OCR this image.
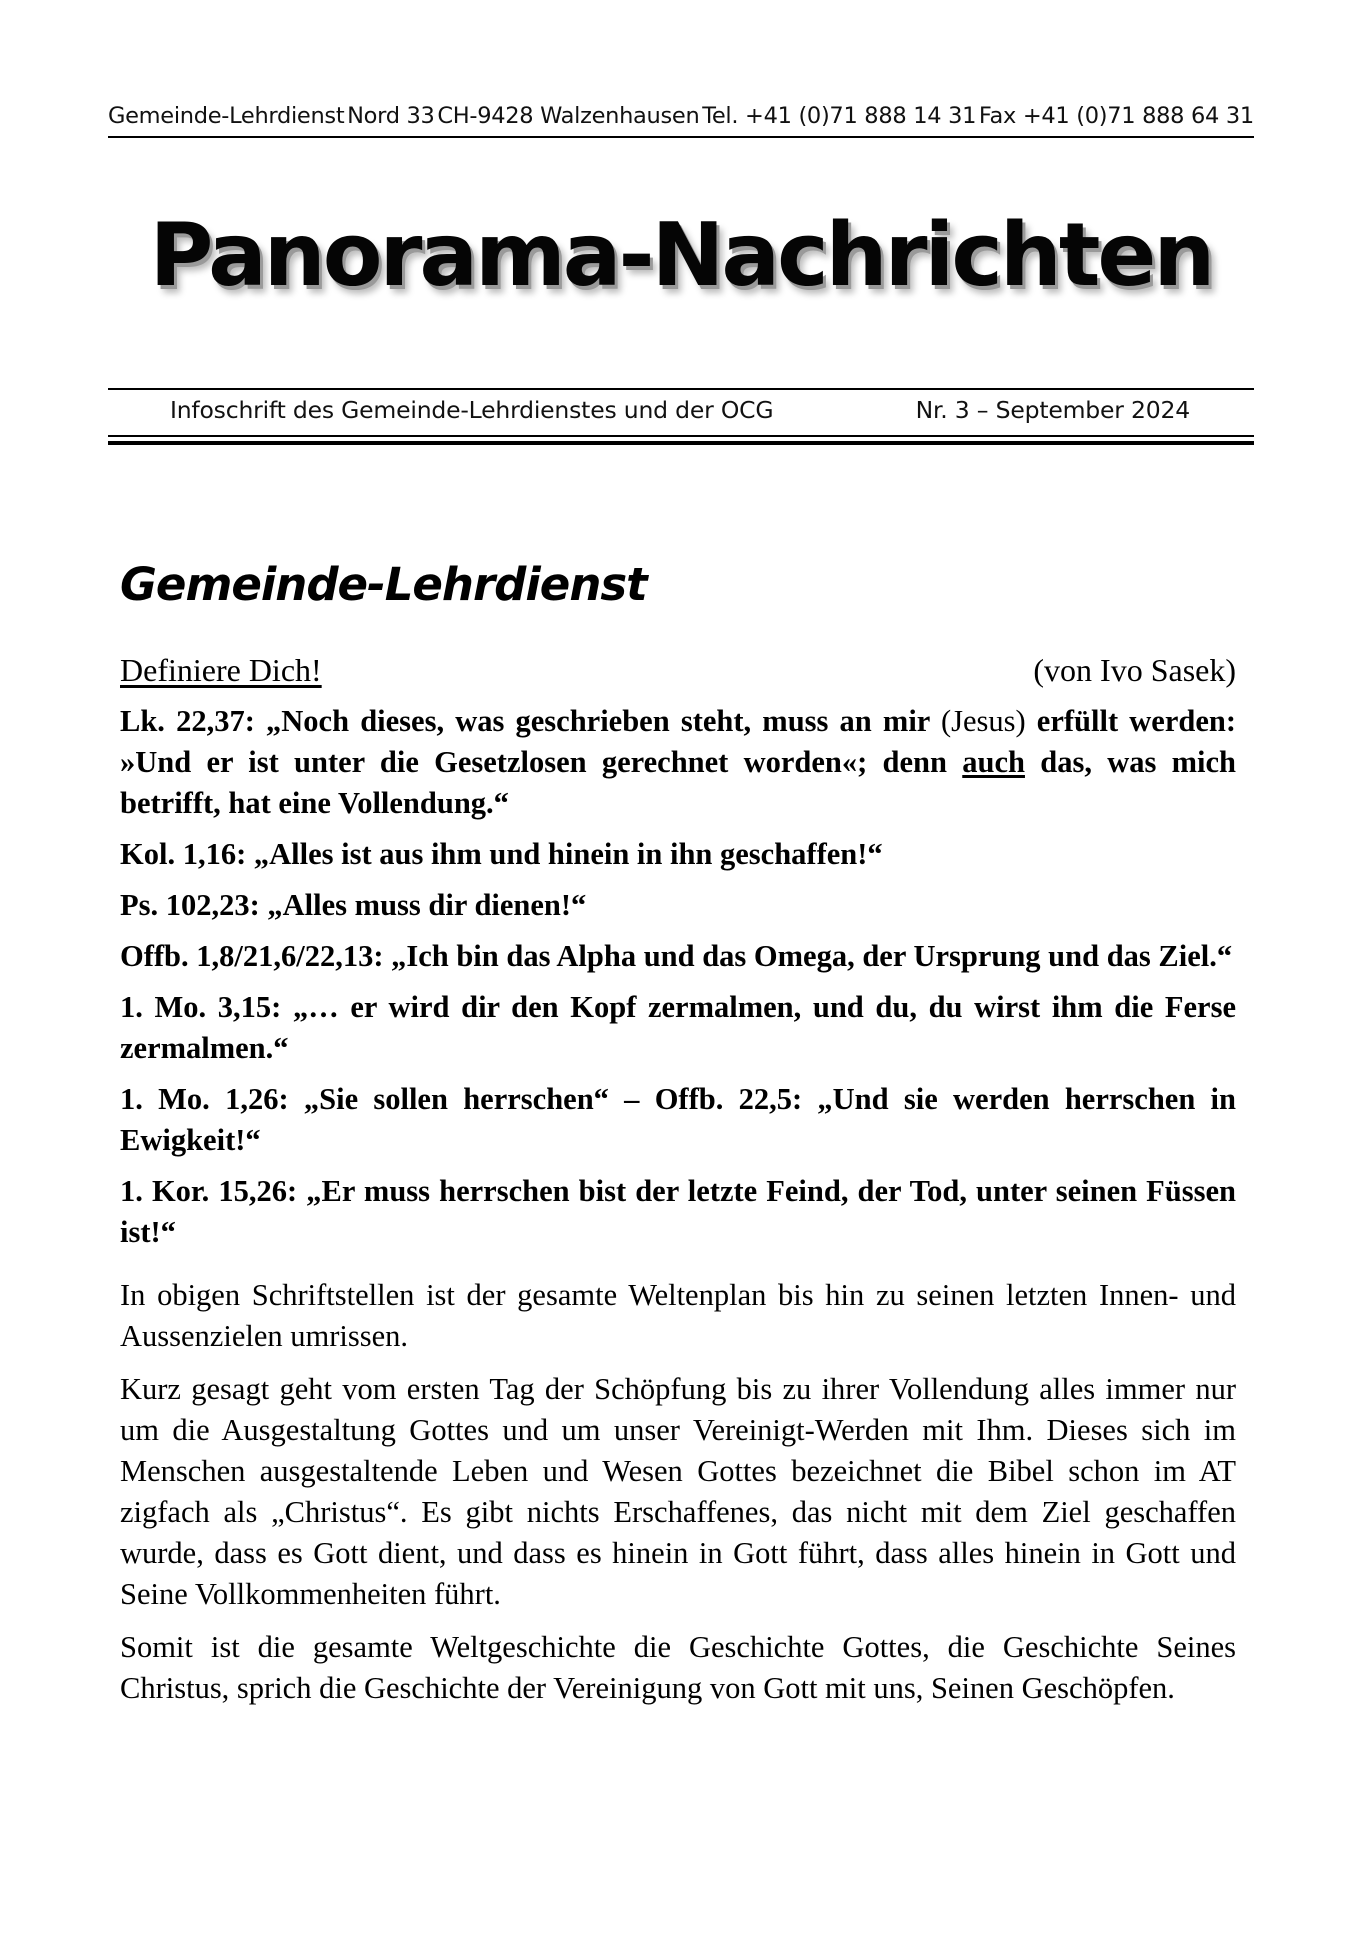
Gemeinde-Lehrdienst Nord 33 CH-9428 Walzenhausen Tel. +41 (0)71 888 14 31 Fax +41 (0)71 888 64 31
Panorama-Nachrichten
Infoschrift des Gemeinde-Lehrdienstes und der OCG	Nr. 3 – September 2024
Gemeinde-Lehrdienst
Definiere Dich!	(von Ivo Sasek)

Lk. 22,37: „Noch dieses, was geschrieben steht, muss an mir (Jesus) erfüllt werden: »Und er ist unter die Gesetzlosen gerechnet worden«; denn auch das, was mich betrifft, hat eine Vollendung.“

Kol. 1,16: „Alles ist aus ihm und hinein in ihn geschaffen!“

Ps. 102,23: „Alles muss dir dienen!“

Offb. 1,8/21,6/22,13: „Ich bin das Alpha und das Omega, der Ursprung und das Ziel.“

1. Mo. 3,15: „… er wird dir den Kopf zermalmen, und du, du wirst ihm die Ferse zermalmen.“

1. Mo. 1,26: „Sie sollen herrschen“ – Offb. 22,5: „Und sie werden herrschen in Ewigkeit!“

1. Kor. 15,26: „Er muss herrschen bist der letzte Feind, der Tod, unter seinen Füssen ist!“

In obigen Schriftstellen ist der gesamte Weltenplan bis hin zu seinen letzten Innen- und Aussenzielen umrissen.

Kurz gesagt geht vom ersten Tag der Schöpfung bis zu ihrer Vollendung alles immer nur um die Ausgestaltung Gottes und um unser Vereinigt-Werden mit Ihm. Dieses sich im Menschen ausgestaltende Leben und Wesen Gottes bezeichnet die Bibel schon im AT zigfach als „Christus“. Es gibt nichts Erschaffenes, das nicht mit dem Ziel geschaffen wurde, dass es Gott dient, und dass es hinein in Gott führt, dass alles hinein in Gott und Seine Vollkommenheiten führt.

Somit ist die gesamte Weltgeschichte die Geschichte Gottes, die Geschichte Seines Christus, sprich die Geschichte der Vereinigung von Gott mit uns, Seinen Geschöpfen.
